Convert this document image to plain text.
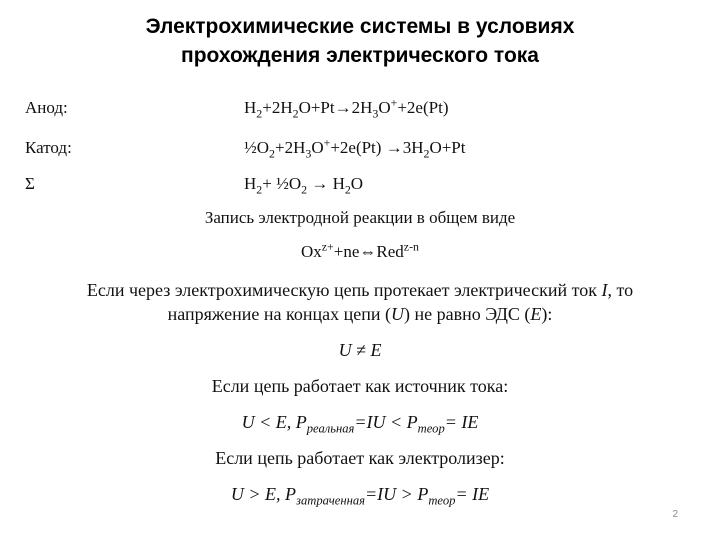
Электрохимические системы в условиях
прохождения электрического тока
Анод:	$H_2+2H_2O+Pt\to 2H_3O^++2e(Pt)$
Катод:	$\frac{1}{2}O_2+2H_3O^++2e(Pt) \to 3H_2O+Pt$
Σ	$H_2+$ $\frac{1}{2}O_2 \to H_2O$
Запись электродной реакции в общем виде
$Ox^{z+}+ne\Leftrightarrow Red^{z-n}$
Если через электрохимическую цепь протекает электрический ток I, то
напряжение на концах цепи (U) не равно ЭДС (E):
U ≠ E
Если цепь работает как источник тока:
U < E, $P_{реальная}=IU < P_{теор}=$ IE
Если цепь работает как электролизер:
U > E, $P_{затраченная}=IU > P_{теор}=$ IE
2
